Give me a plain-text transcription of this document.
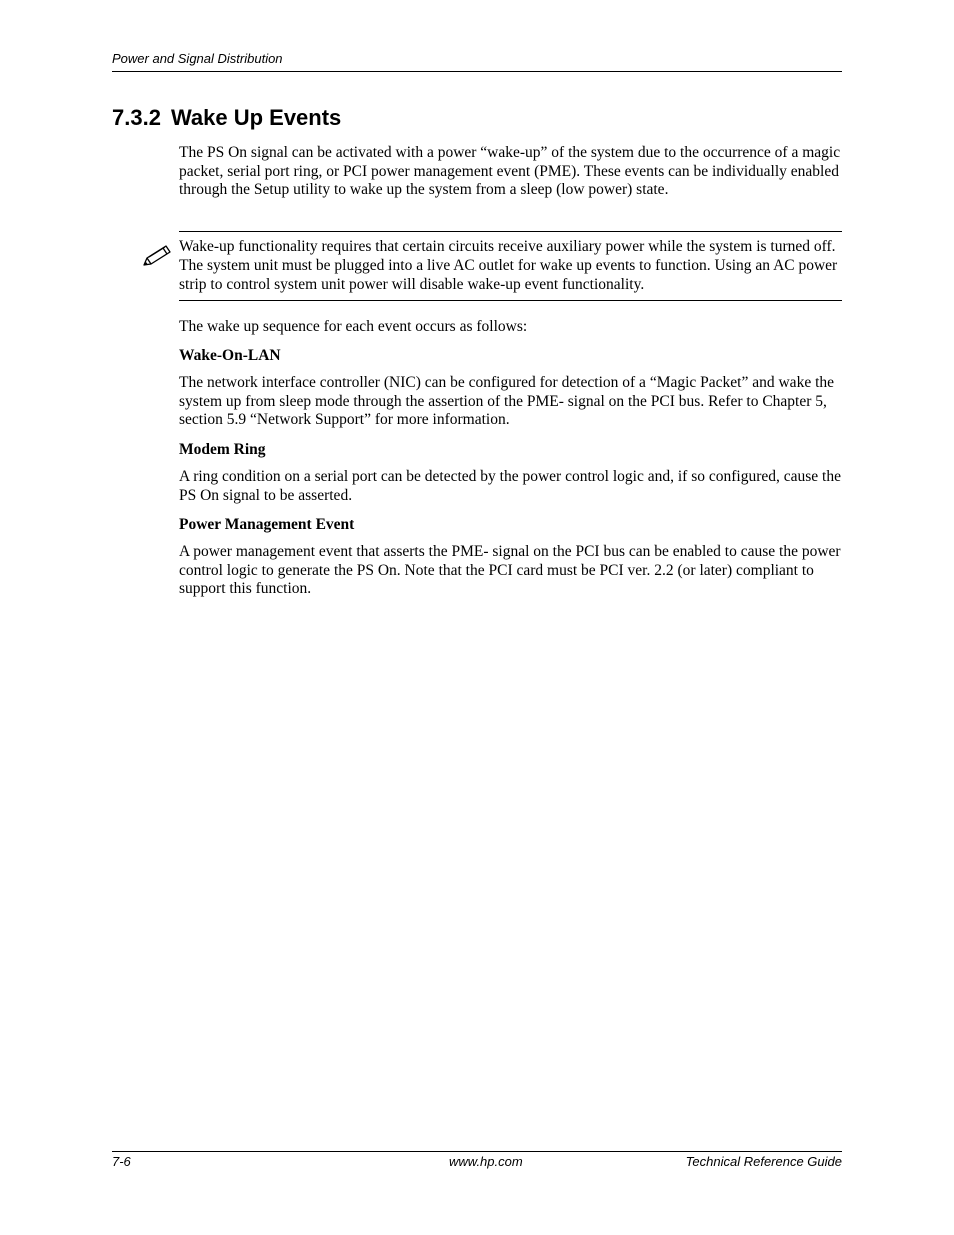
Power and Signal Distribution
7.3.2 Wake Up Events

The PS On signal can be activated with a power “wake-up” of the system due to the occurrence of a magic packet, serial port ring, or PCI power management event (PME). These events can be individually enabled through the Setup utility to wake up the system from a sleep (low power) state.

Wake-up functionality requires that certain circuits receive auxiliary power while the system is turned off. The system unit must be plugged into a live AC outlet for wake up events to function. Using an AC power strip to control system unit power will disable wake-up event functionality.

The wake up sequence for each event occurs as follows:

Wake-On-LAN

The network interface controller (NIC) can be configured for detection of a “Magic Packet” and wake the system up from sleep mode through the assertion of the PME- signal on the PCI bus. Refer to Chapter 5, section 5.9 “Network Support” for more information.

Modem Ring

A ring condition on a serial port can be detected by the power control logic and, if so configured, cause the PS On signal to be asserted.

Power Management Event

A power management event that asserts the PME- signal on the PCI bus can be enabled to cause the power control logic to generate the PS On. Note that the PCI card must be PCI ver. 2.2 (or later) compliant to support this function.

7-6	www.hp.com	Technical Reference Guide
